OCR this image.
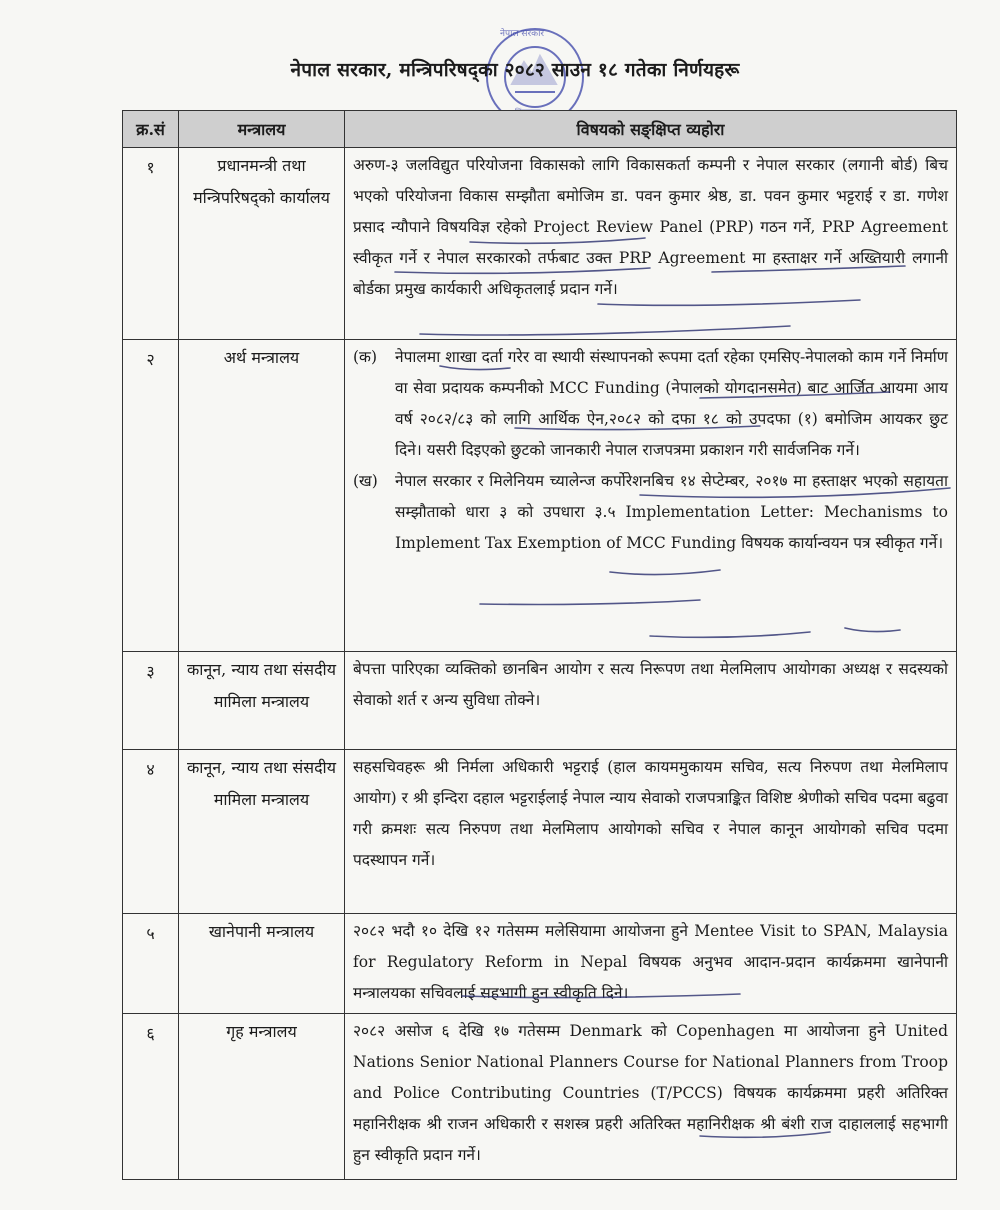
नेपाल सरकार
नेपाल सरकार, मन्त्रिपरिषद्का २०८२ साउन १८ गतेका निर्णयहरू
क्र.सं	मन्त्रालय	विषयको सङ्क्षिप्त व्यहोरा
१	प्रधानमन्त्री तथा मन्त्रिपरिषद्को कार्यालय	अरुण-३ जलविद्युत परियोजना विकासको लागि विकासकर्ता कम्पनी र नेपाल सरकार (लगानी बोर्ड) बिच भएको परियोजना विकास सम्झौता बमोजिम डा. पवन कुमार श्रेष्ठ, डा. पवन कुमार भट्टराई र डा. गणेश प्रसाद न्यौपाने विषयविज्ञ रहेको Project Review Panel (PRP) गठन गर्ने, PRP Agreement स्वीकृत गर्ने र नेपाल सरकारको तर्फबाट उक्त PRP Agreement मा हस्ताक्षर गर्ने अख्तियारी लगानी बोर्डका प्रमुख कार्यकारी अधिकृतलाई प्रदान गर्ने।
२	अर्थ मन्त्रालय	(क) नेपालमा शाखा दर्ता गरेर वा स्थायी संस्थापनको रूपमा दर्ता रहेका एमसिए-नेपालको काम गर्ने निर्माण वा सेवा प्रदायक कम्पनीको MCC Funding (नेपालको योगदानसमेत) बाट आर्जित आयमा आय वर्ष २०८२/८३ को लागि आर्थिक ऐन,२०८२ को दफा १८ को उपदफा (१) बमोजिम आयकर छुट दिने। यसरी दिइएको छुटको जानकारी नेपाल राजपत्रमा प्रकाशन गरी सार्वजनिक गर्ने।
(ख) नेपाल सरकार र मिलेनियम च्यालेन्ज कर्पोरेशनबिच १४ सेप्टेम्बर, २०१७ मा हस्ताक्षर भएको सहायता सम्झौताको धारा ३ को उपधारा ३.५ Implementation Letter: Mechanisms to Implement Tax Exemption of MCC Funding विषयक कार्यान्वयन पत्र स्वीकृत गर्ने।

३	कानून, न्याय तथा संसदीय मामिला मन्त्रालय	बेपत्ता पारिएका व्यक्तिको छानबिन आयोग र सत्य निरूपण तथा मेलमिलाप आयोगका अध्यक्ष र सदस्यको सेवाको शर्त र अन्य सुविधा तोक्ने।
४	कानून, न्याय तथा संसदीय मामिला मन्त्रालय	सहसचिवहरू श्री निर्मला अधिकारी भट्टराई (हाल कायममुकायम सचिव, सत्य निरुपण तथा मेलमिलाप आयोग) र श्री इन्दिरा दहाल भट्टराईलाई नेपाल न्याय सेवाको राजपत्राङ्कित विशिष्ट श्रेणीको सचिव पदमा बढुवा गरी क्रमशः सत्य निरुपण तथा मेलमिलाप आयोगको सचिव र नेपाल कानून आयोगको सचिव पदमा पदस्थापन गर्ने।
५	खानेपानी मन्त्रालय	२०८२ भदौ १० देखि १२ गतेसम्म मलेसियामा आयोजना हुने Mentee Visit to SPAN, Malaysia for Regulatory Reform in Nepal विषयक अनुभव आदान-प्रदान कार्यक्रममा खानेपानी मन्त्रालयका सचिवलाई सहभागी हुन स्वीकृति दिने।
६	गृह मन्त्रालय	२०८२ असोज ६ देखि १७ गतेसम्म Denmark को Copenhagen मा आयोजना हुने United Nations Senior National Planners Course for National Planners from Troop and Police Contributing Countries (T/PCCS) विषयक कार्यक्रममा प्रहरी अतिरिक्त महानिरीक्षक श्री राजन अधिकारी र सशस्त्र प्रहरी अतिरिक्त महानिरीक्षक श्री बंशी राज दाहाललाई सहभागी हुन स्वीकृति प्रदान गर्ने।
